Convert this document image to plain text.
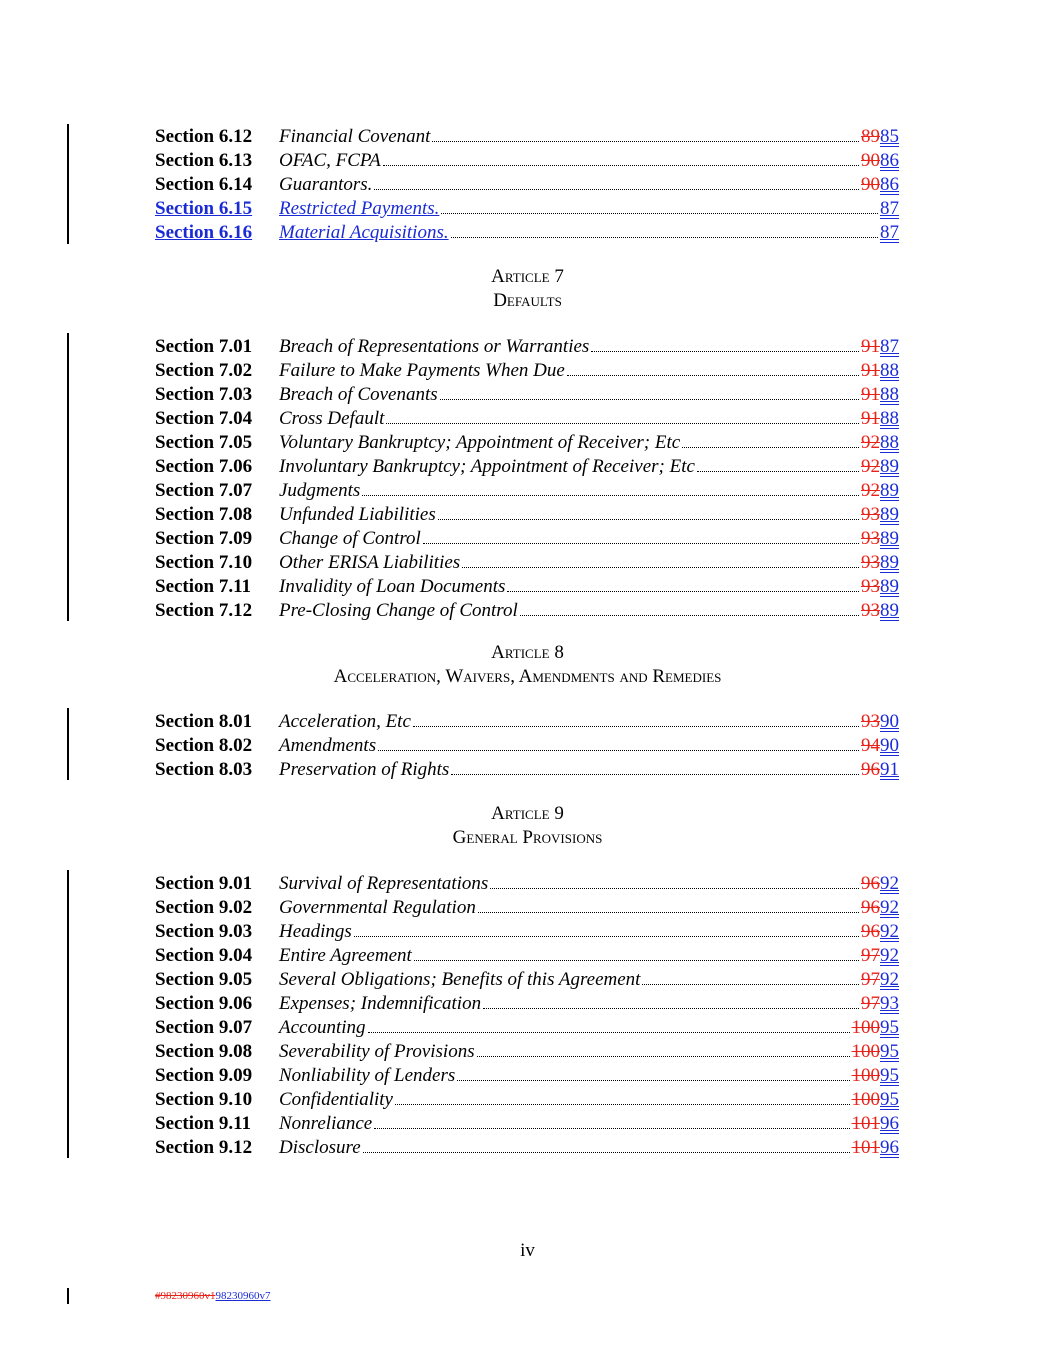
Section 6.12	Financial Covenant	8985
Section 6.13	OFAC, FCPA	9086
Section 6.14	Guarantors.	9086
Section 6.15	Restricted Payments.	87
Section 6.16	Material Acquisitions.	87
Article 7
Defaults
Section 7.01	Breach of Representations or Warranties	9187
Section 7.02	Failure to Make Payments When Due	9188
Section 7.03	Breach of Covenants	9188
Section 7.04	Cross Default	9188
Section 7.05	Voluntary Bankruptcy; Appointment of Receiver; Etc	9288
Section 7.06	Involuntary Bankruptcy; Appointment of Receiver; Etc	9289
Section 7.07	Judgments	9289
Section 7.08	Unfunded Liabilities	9389
Section 7.09	Change of Control	9389
Section 7.10	Other ERISA Liabilities	9389
Section 7.11	Invalidity of Loan Documents	9389
Section 7.12	Pre-Closing Change of Control	9389
Article 8
Acceleration, Waivers, Amendments and Remedies
Section 8.01	Acceleration, Etc	9390
Section 8.02	Amendments	9490
Section 8.03	Preservation of Rights	9691
Article 9
General Provisions
Section 9.01	Survival of Representations	9692
Section 9.02	Governmental Regulation	9692
Section 9.03	Headings	9692
Section 9.04	Entire Agreement	9792
Section 9.05	Several Obligations; Benefits of this Agreement	9792
Section 9.06	Expenses; Indemnification	9793
Section 9.07	Accounting	10095
Section 9.08	Severability of Provisions	10095
Section 9.09	Nonliability of Lenders	10095
Section 9.10	Confidentiality	10095
Section 9.11	Nonreliance	10196
Section 9.12	Disclosure	10196
iv
#98230960v198230960v7
